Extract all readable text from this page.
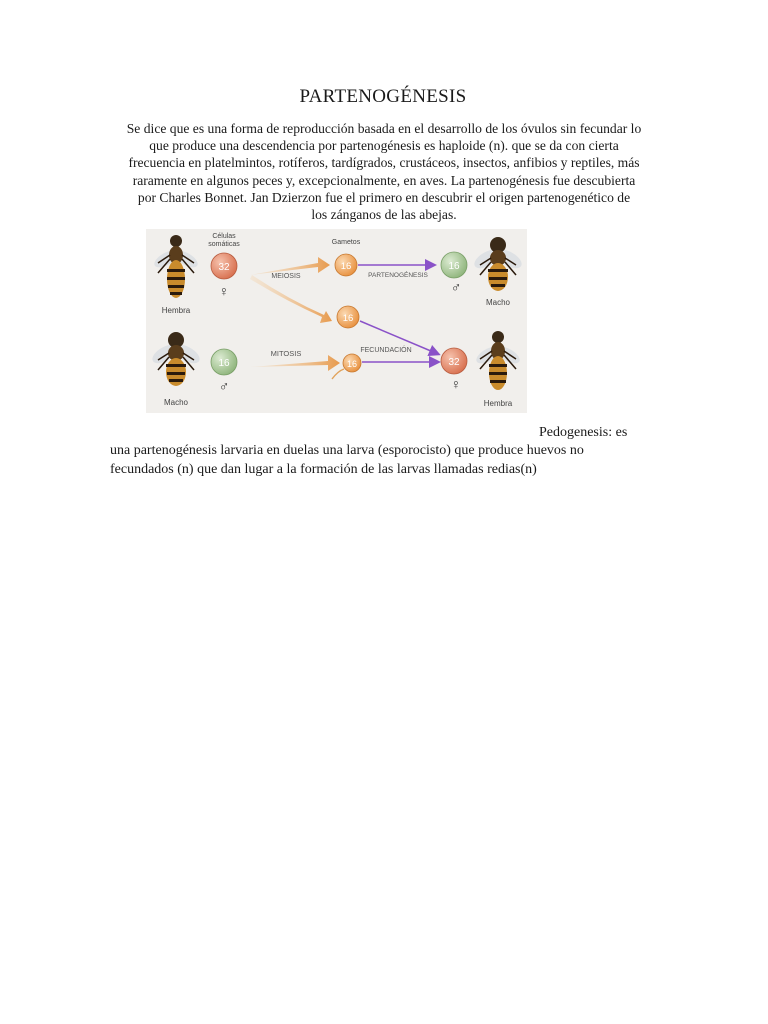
PARTENOGÉNESIS
Se dice que es una forma de reproducción basada en el desarrollo de los óvulos sin fecundar lo
que produce una descendencia por partenogénesis es haploide (n). que se da con cierta
frecuencia en platelmintos, rotíferos, tardígrados, crustáceos, insectos, anfibios y reptiles, más
raramente en algunos peces y, excepcionalmente, en aves. La partenogénesis fue descubierta
por Charles Bonnet. Jan Dzierzon fue el primero en descubrir el origen partenogenético de
los zánganos de las abejas.
Hembra
Macho
Células
somáticas	Gametos
MEIOSIS
MITOSIS
PARTENOGÉNESIS
FECUNDACIÓN
32
♀
16
16
16
♂
16
16
♂
32
♀
Macho
Hembra
Pedogenesis: es
una partenogénesis larvaria en duelas una larva (esporocisto) que produce huevos no
fecundados (n) que dan lugar a la formación de las larvas llamadas redias(n)
